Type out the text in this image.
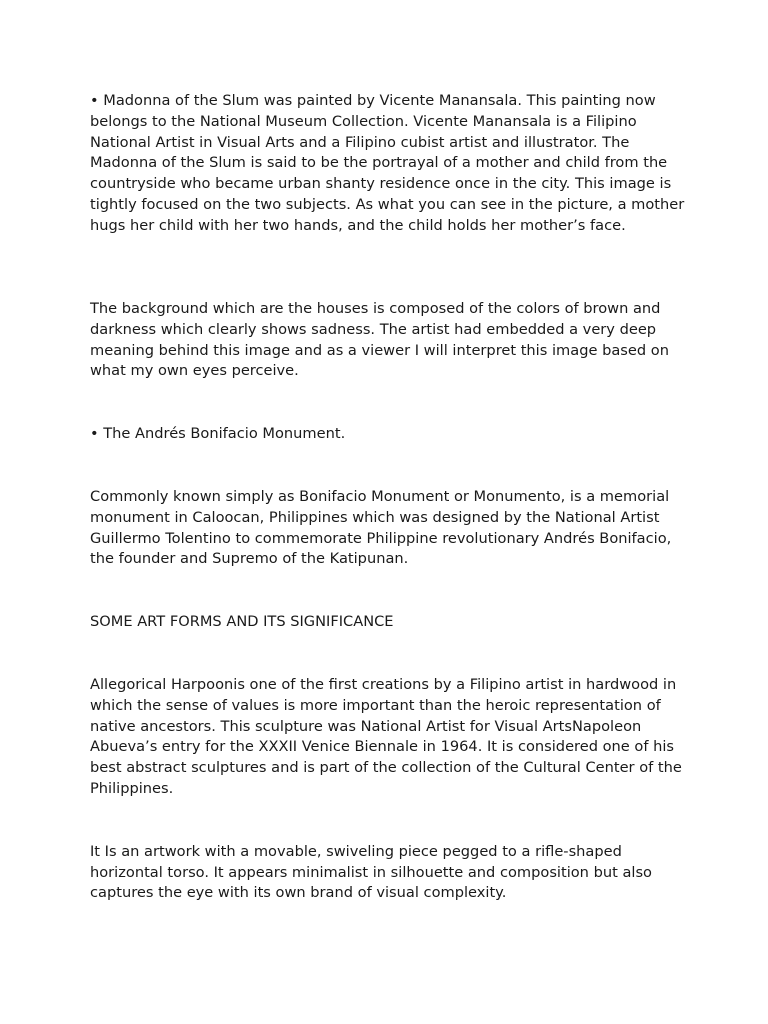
• Madonna of the Slum was painted by Vicente Manansala. This painting now belongs to the National Museum Collection. Vicente Manansala is a Filipino National Artist in Visual Arts and a Filipino cubist artist and illustrator. The Madonna of the Slum is said to be the portrayal of a mother and child from the countryside who became urban shanty residence once in the city. This image is tightly focused on the two subjects. As what you can see in the picture, a mother hugs her child with her two hands, and the child holds her mother’s face.

The background which are the houses is composed of the colors of brown and darkness which clearly shows sadness. The artist had embedded a very deep meaning behind this image and as a viewer I will interpret this image based on what my own eyes perceive.

• The Andrés Bonifacio Monument.

Commonly known simply as Bonifacio Monument or Monumento, is a memorial monument in Caloocan, Philippines which was designed by the National Artist Guillermo Tolentino to commemorate Philippine revolutionary Andrés Bonifacio, the founder and Supremo of the Katipunan.

SOME ART FORMS AND ITS SIGNIFICANCE

Allegorical Harpoonis one of the first creations by a Filipino artist in hardwood in which the sense of values is more important than the heroic representation of native ancestors. This sculpture was National Artist for Visual ArtsNapoleon Abueva’s entry for the XXXII Venice Biennale in 1964. It is considered one of his best abstract sculptures and is part of the collection of the Cultural Center of the Philippines.

It Is an artwork with a movable, swiveling piece pegged to a rifle-shaped horizontal torso. It appears minimalist in silhouette and composition but also captures the eye with its own brand of visual complexity.
